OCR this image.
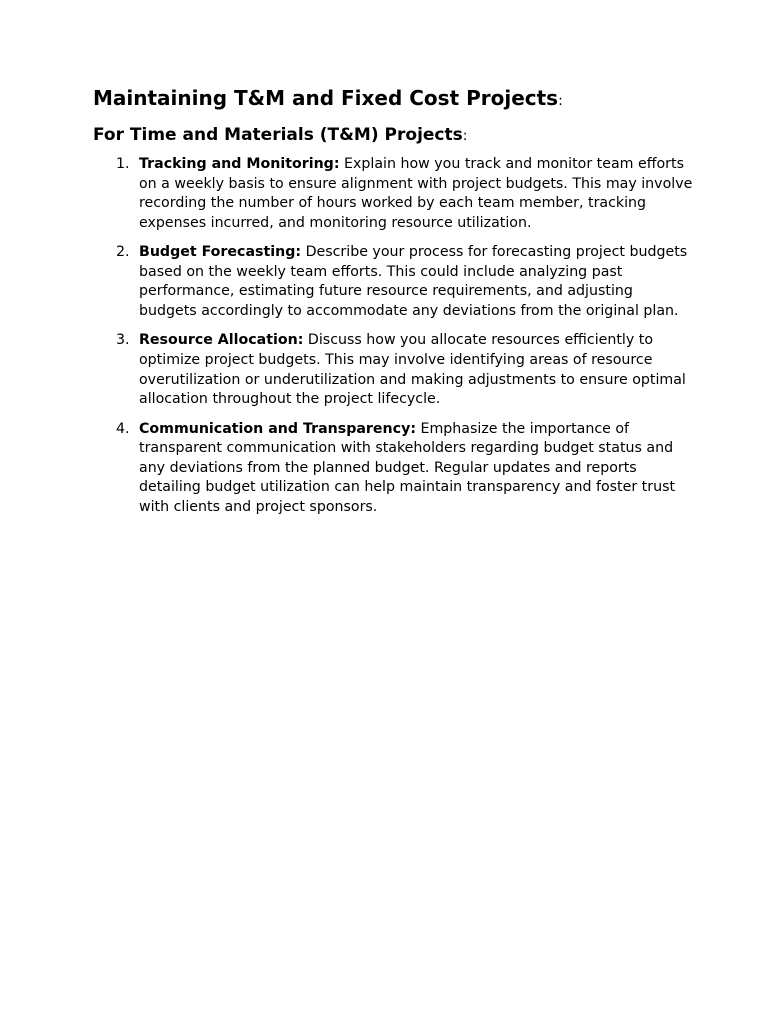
Maintaining T&M and Fixed Cost Projects:
For Time and Materials (T&M) Projects:
1. Tracking and Monitoring: Explain how you track and monitor team efforts on a weekly basis to ensure alignment with project budgets. This may involve recording the number of hours worked by each team member, tracking expenses incurred, and monitoring resource utilization.
2. Budget Forecasting: Describe your process for forecasting project budgets based on the weekly team efforts. This could include analyzing past performance, estimating future resource requirements, and adjusting budgets accordingly to accommodate any deviations from the original plan.
3. Resource Allocation: Discuss how you allocate resources efficiently to optimize project budgets. This may involve identifying areas of resource overutilization or underutilization and making adjustments to ensure optimal allocation throughout the project lifecycle.
4. Communication and Transparency: Emphasize the importance of transparent communication with stakeholders regarding budget status and any deviations from the planned budget. Regular updates and reports detailing budget utilization can help maintain transparency and foster trust with clients and project sponsors.
